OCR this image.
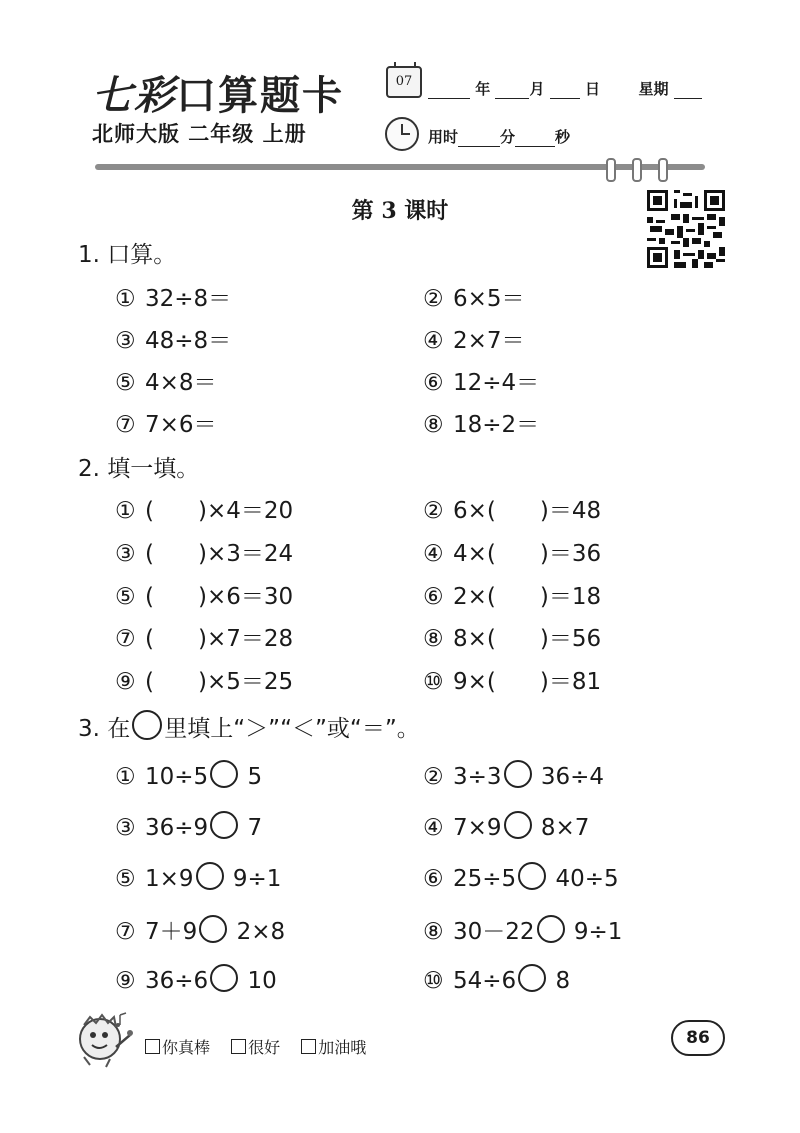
七彩口算题卡
北师大版 二年级 上册
07	年	月	日	星期
用时	分	秒
第 3 课时
1. 口算。
① 32÷8＝	② 6×5＝
③ 48÷8＝	④ 2×7＝
⑤ 4×8＝	⑥ 12÷4＝
⑦ 7×6＝	⑧ 18÷2＝
2. 填一填。
① ( )×4＝20	② 6×( )＝48
③ ( )×3＝24	④ 4×( )＝36
⑤ ( )×6＝30	⑥ 2×( )＝18
⑦ ( )×7＝28	⑧ 8×( )＝56
⑨ ( )×5＝25	⑩ 9×( )＝81
3. 在 里填上“＞”“＜”或“＝”。
① 10÷5 5	② 3÷3 36÷4
③ 36÷9 7	④ 7×9 8×7
⑤ 1×9 9÷1	⑥ 25÷5 40÷5
⑦ 7＋9 2×8	⑧ 30－22 9÷1
⑨ 36÷6 10	⑩ 54÷6 8
你真棒 很好 加油哦	86
